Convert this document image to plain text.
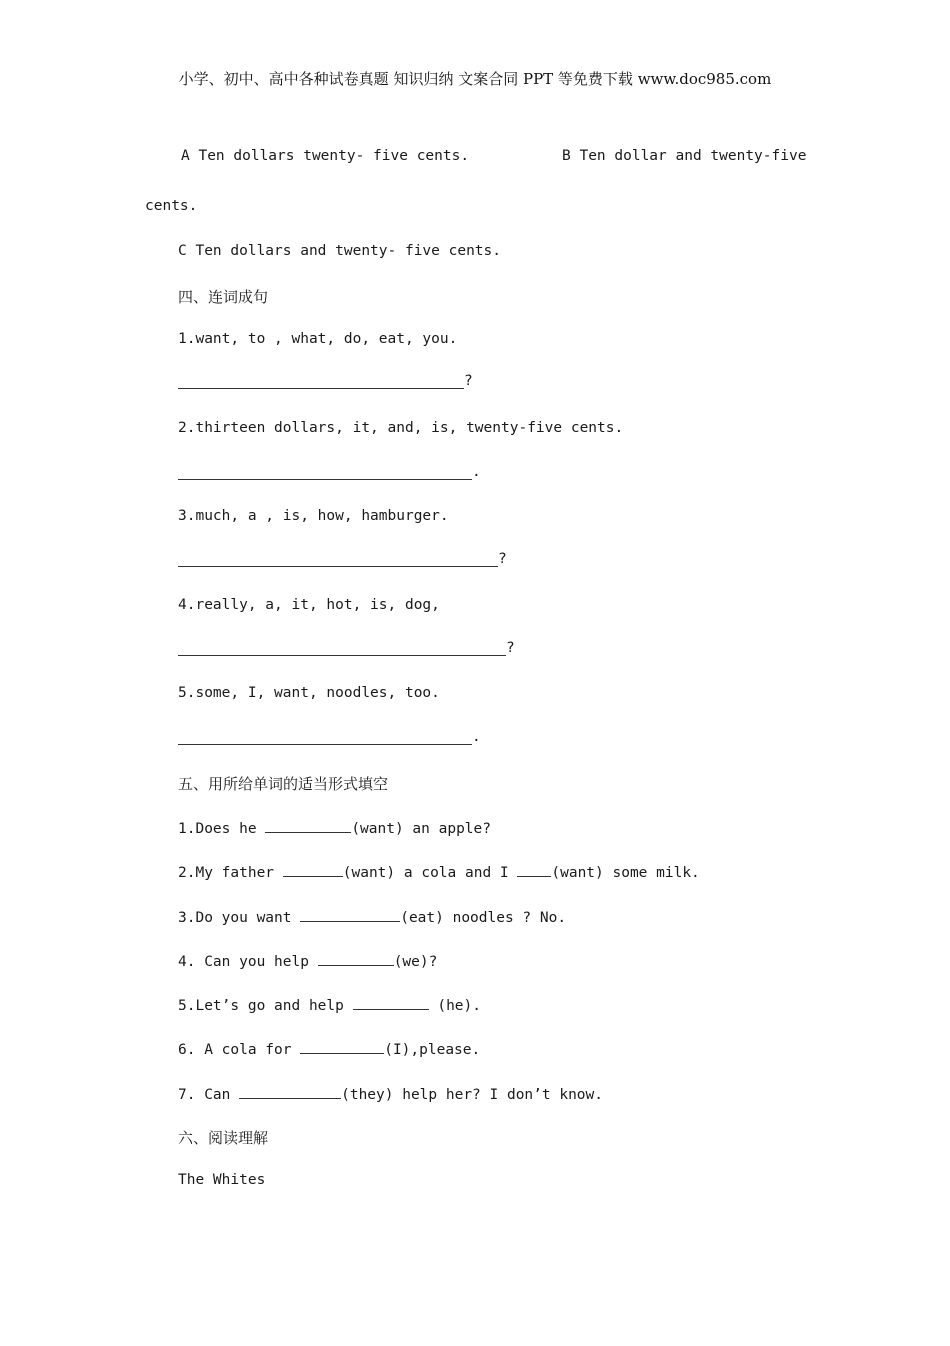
小学、初中、高中各种试卷真题 知识归纳 文案合同 PPT 等免费下载 www.doc985.com
A Ten dollars twenty- five cents.	B Ten dollar and twenty-five
cents.
C Ten dollars and twenty- five cents.
四、连词成句
1.want, to , what, do, eat, you.
?
2.thirteen dollars, it, and, is, twenty-five cents.
.
3.much, a , is, how, hamburger.
?
4.really, a, it, hot, is, dog,
?
5.some, I, want, noodles, too.
.
五、用所给单词的适当形式填空
1.Does he	(want) an apple?
2.My father	(want) a cola and I (want) some milk.
3.Do you want	(eat) noodles ? No.
4. Can you help	(we)?
5.Let’s go and help	(he).
6. A cola for	(I),please.
7. Can	(they) help her? I don’t know.
六、阅读理解
The Whites
